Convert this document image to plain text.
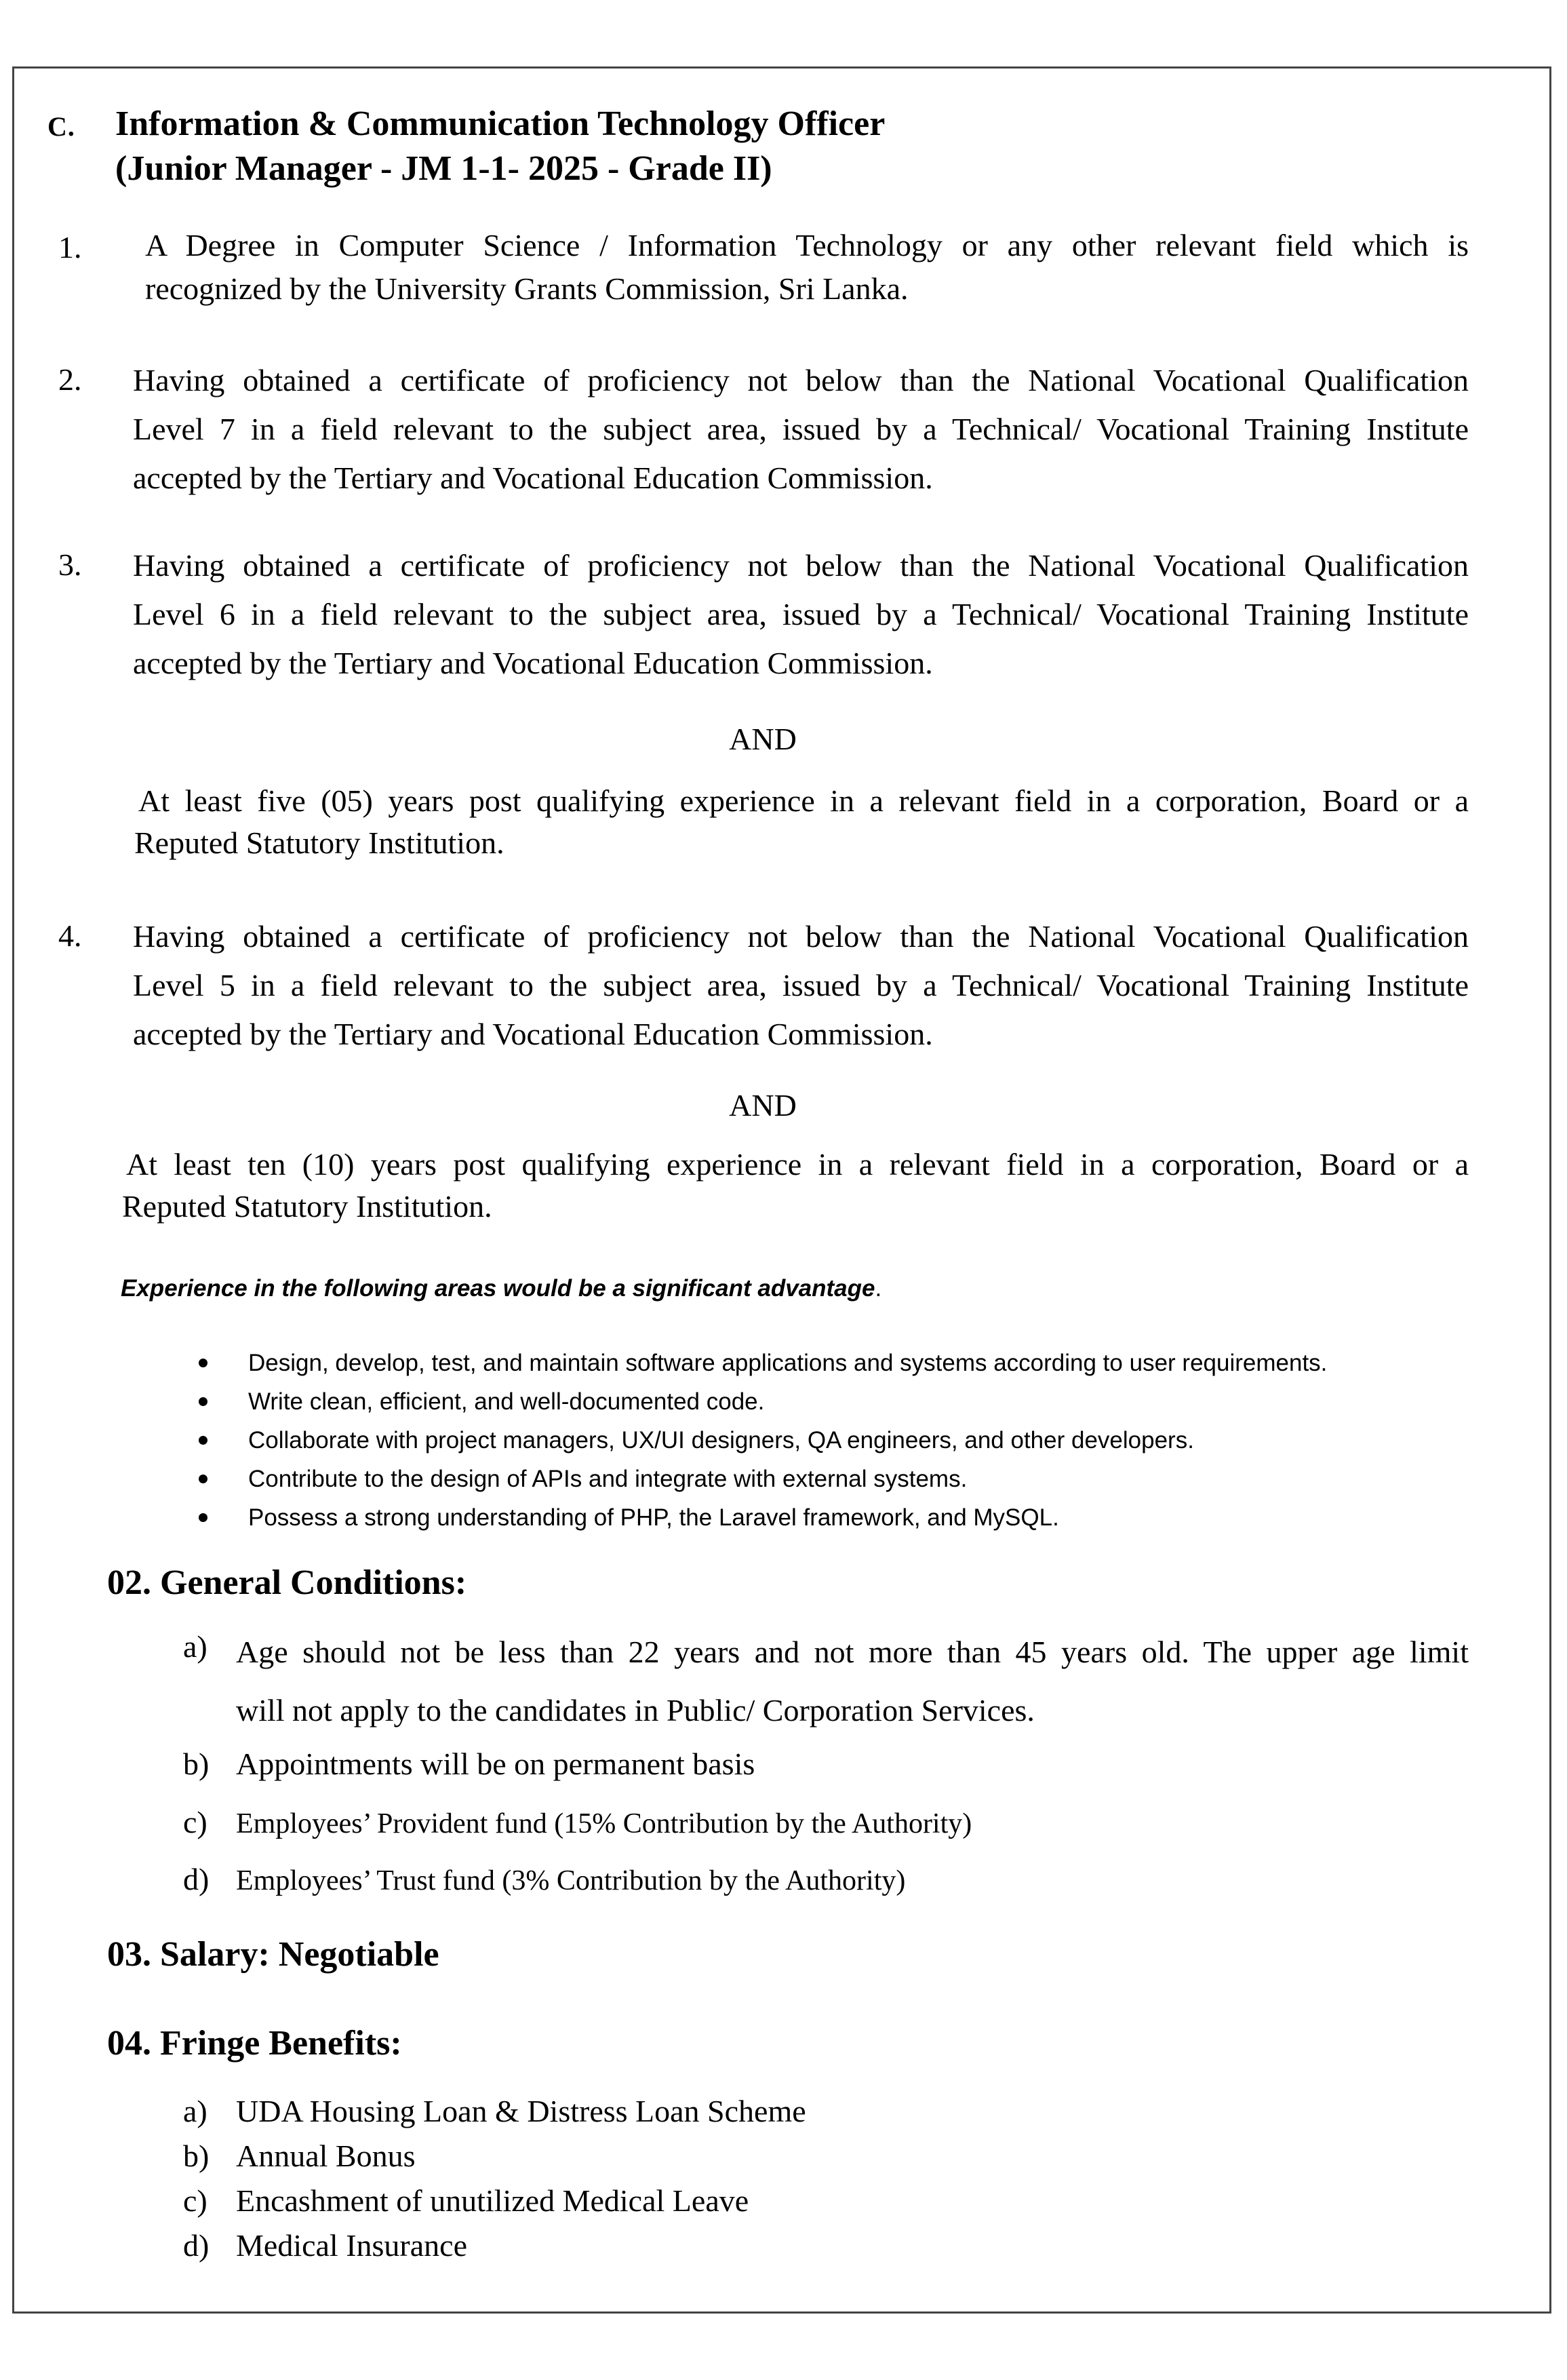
C. Information & Communication Technology Officer
(Junior Manager - JM 1-1- 2025 - Grade II)
1. A Degree in Computer Science / Information Technology or any other relevant field which is
recognized by the University Grants Commission, Sri Lanka.
2. Having obtained a certificate of proficiency not below than the National Vocational Qualification
Level 7 in a field relevant to the subject area, issued by a Technical/ Vocational Training Institute
accepted by the Tertiary and Vocational Education Commission.
3. Having obtained a certificate of proficiency not below than the National Vocational Qualification
Level 6 in a field relevant to the subject area, issued by a Technical/ Vocational Training Institute
accepted by the Tertiary and Vocational Education Commission.
AND
At least five (05) years post qualifying experience in a relevant field in a corporation, Board or a
Reputed Statutory Institution.
4. Having obtained a certificate of proficiency not below than the National Vocational Qualification
Level 5 in a field relevant to the subject area, issued by a Technical/ Vocational Training Institute
accepted by the Tertiary and Vocational Education Commission.
AND
At least ten (10) years post qualifying experience in a relevant field in a corporation, Board or a
Reputed Statutory Institution.
Experience in the following areas would be a significant advantage.
Design, develop, test, and maintain software applications and systems according to user requirements.
Write clean, efficient, and well-documented code.
Collaborate with project managers, UX/UI designers, QA engineers, and other developers.
Contribute to the design of APIs and integrate with external systems.
Possess a strong understanding of PHP, the Laravel framework, and MySQL.
02. General Conditions:
a) Age should not be less than 22 years and not more than 45 years old. The upper age limit
will not apply to the candidates in Public/ Corporation Services.
b) Appointments will be on permanent basis
c) Employees’ Provident fund (15% Contribution by the Authority)
d) Employees’ Trust fund (3% Contribution by the Authority)
03. Salary: Negotiable
04. Fringe Benefits:
a) UDA Housing Loan & Distress Loan Scheme
b) Annual Bonus
c) Encashment of unutilized Medical Leave
d) Medical Insurance
